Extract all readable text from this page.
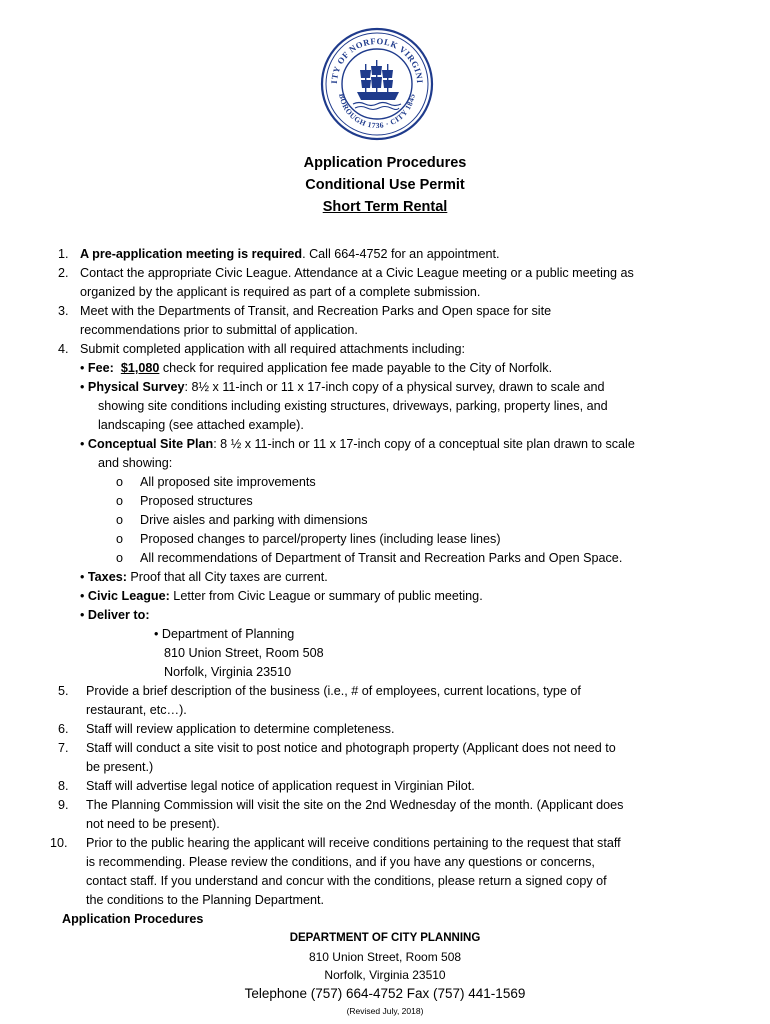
ITY OF NORFOLK VIRGINI
BOROUGH 1736 · CITY 1845
Application Procedures
Conditional Use Permit
Short Term Rental
1. A pre-application meeting is required. Call 664-4752 for an appointment.
2. Contact the appropriate Civic League. Attendance at a Civic League meeting or a public meeting as
organized by the applicant is required as part of a complete submission.
3. Meet with the Departments of Transit, and Recreation Parks and Open space for site
recommendations prior to submittal of application.
4. Submit completed application with all required attachments including:
• Fee: $1,080 check for required application fee made payable to the City of Norfolk.
• Physical Survey: 8½ x 11-inch or 11 x 17-inch copy of a physical survey, drawn to scale and
showing site conditions including existing structures, driveways, parking, property lines, and
landscaping (see attached example).
• Conceptual Site Plan: 8 ½ x 11-inch or 11 x 17-inch copy of a conceptual site plan drawn to scale
and showing:
o All proposed site improvements
o Proposed structures
o Drive aisles and parking with dimensions
o Proposed changes to parcel/property lines (including lease lines)
o All recommendations of Department of Transit and Recreation Parks and Open Space.
• Taxes: Proof that all City taxes are current.
• Civic League: Letter from Civic League or summary of public meeting.
• Deliver to:
• Department of Planning
810 Union Street, Room 508
Norfolk, Virginia 23510
5. Provide a brief description of the business (i.e., # of employees, current locations, type of
restaurant, etc…).
6. Staff will review application to determine completeness.
7. Staff will conduct a site visit to post notice and photograph property (Applicant does not need to
be present.)
8. Staff will advertise legal notice of application request in Virginian Pilot.
9. The Planning Commission will visit the site on the 2nd Wednesday of the month. (Applicant does
not need to be present).
10. Prior to the public hearing the applicant will receive conditions pertaining to the request that staff
is recommending. Please review the conditions, and if you have any questions or concerns,
contact staff. If you understand and concur with the conditions, please return a signed copy of
the conditions to the Planning Department.
Application Procedures
DEPARTMENT OF CITY PLANNING
810 Union Street, Room 508
Norfolk, Virginia 23510
Telephone (757) 664-4752 Fax (757) 441-1569
(Revised July, 2018)
